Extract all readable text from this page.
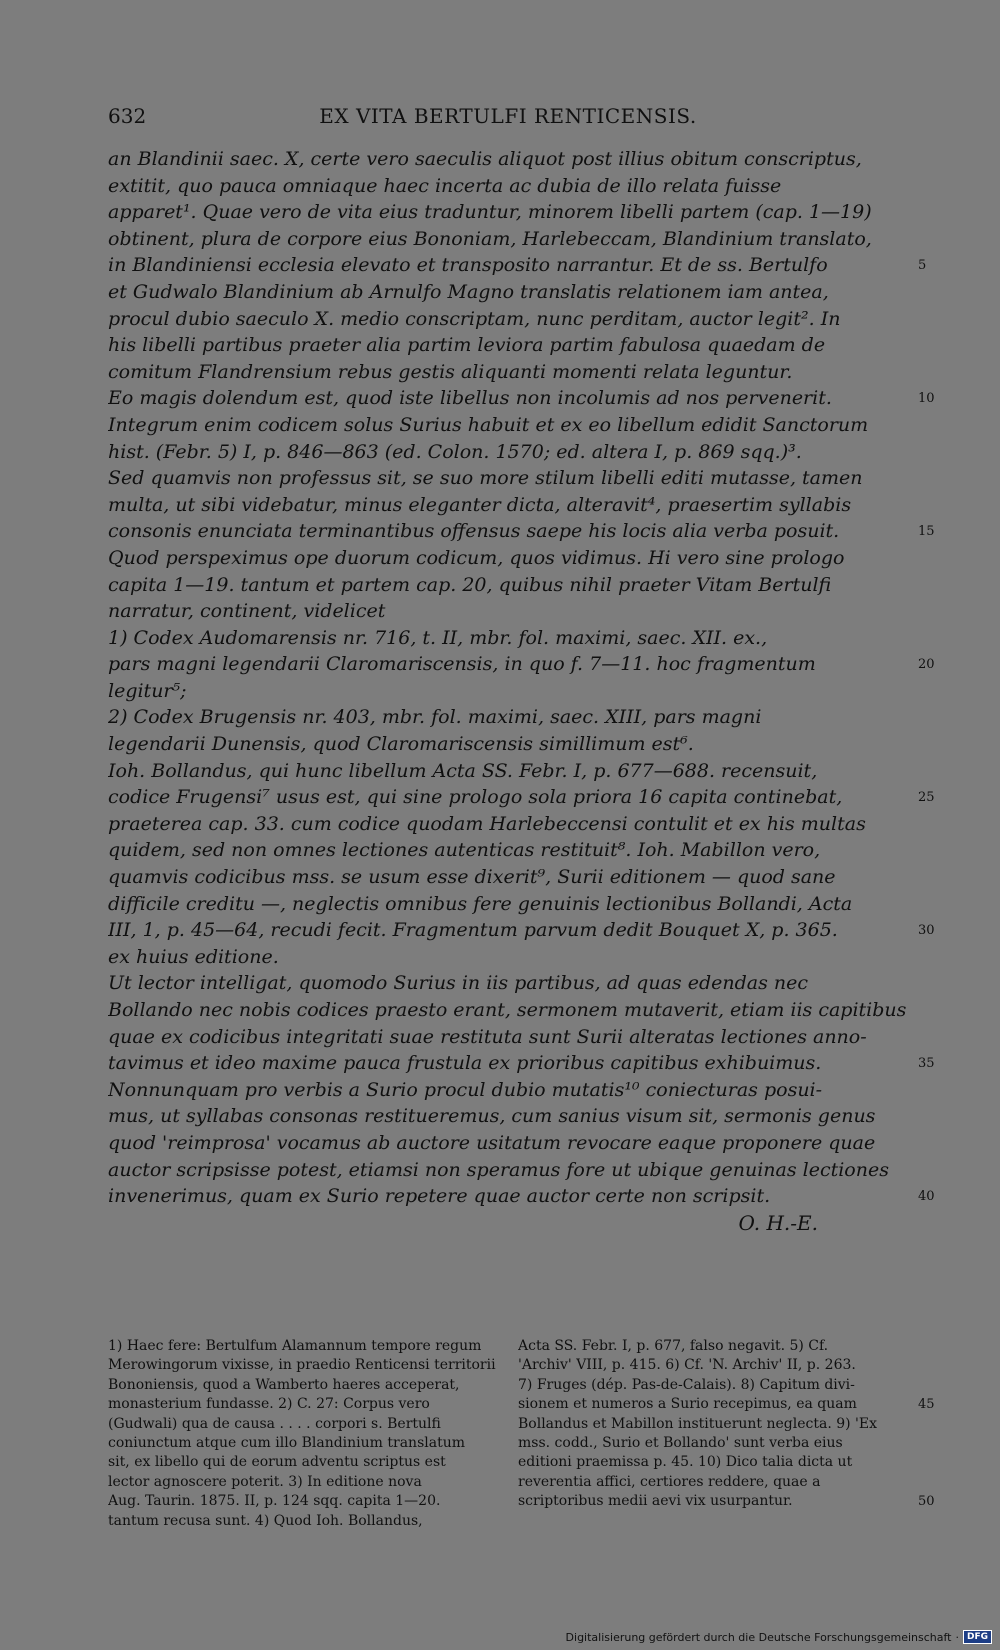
632	EX VITA BERTULFI RENTICENSIS.
an Blandinii saec. X, certe vero saeculis aliquot post illius obitum conscriptus,
extitit, quo pauca omniaque haec incerta ac dubia de illo relata fuisse
apparet¹. Quae vero de vita eius traduntur, minorem libelli partem (cap. 1—19)
obtinent, plura de corpore eius Bononiam, Harlebeccam, Blandinium translato,
in Blandiniensi ecclesia elevato et transposito narrantur. Et de ss. Bertulfo	5
et Gudwalo Blandinium ab Arnulfo Magno translatis relationem iam antea,
procul dubio saeculo X. medio conscriptam, nunc perditam, auctor legit². In
his libelli partibus praeter alia partim leviora partim fabulosa quaedam de
comitum Flandrensium rebus gestis aliquanti momenti relata leguntur.
Eo magis dolendum est, quod iste libellus non incolumis ad nos pervenerit.	10
Integrum enim codicem solus Surius habuit et ex eo libellum edidit Sanctorum
hist. (Febr. 5) I, p. 846—863 (ed. Colon. 1570; ed. altera I, p. 869 sqq.)³.
Sed quamvis non professus sit, se suo more stilum libelli editi mutasse, tamen
multa, ut sibi videbatur, minus eleganter dicta, alteravit⁴, praesertim syllabis
consonis enunciata terminantibus offensus saepe his locis alia verba posuit.	15
Quod perspeximus ope duorum codicum, quos vidimus. Hi vero sine prologo
capita 1—19. tantum et partem cap. 20, quibus nihil praeter Vitam Bertulfi
narratur, continent, videlicet
1) Codex Audomarensis nr. 716, t. II, mbr. fol. maximi, saec. XII. ex.,
pars magni legendarii Claromariscensis, in quo f. 7—11. hoc fragmentum	20
legitur⁵;
2) Codex Brugensis nr. 403, mbr. fol. maximi, saec. XIII, pars magni
legendarii Dunensis, quod Claromariscensis simillimum est⁶.
Ioh. Bollandus, qui hunc libellum Acta SS. Febr. I, p. 677—688. recensuit,
codice Frugensi⁷ usus est, qui sine prologo sola priora 16 capita continebat,	25
praeterea cap. 33. cum codice quodam Harlebeccensi contulit et ex his multas
quidem, sed non omnes lectiones autenticas restituit⁸. Ioh. Mabillon vero,
quamvis codicibus mss. se usum esse dixerit⁹, Surii editionem — quod sane
difficile creditu —, neglectis omnibus fere genuinis lectionibus Bollandi, Acta
III, 1, p. 45—64, recudi fecit. Fragmentum parvum dedit Bouquet X, p. 365.	30
ex huius editione.
Ut lector intelligat, quomodo Surius in iis partibus, ad quas edendas nec
Bollando nec nobis codices praesto erant, sermonem mutaverit, etiam iis capitibus
quae ex codicibus integritati suae restituta sunt Surii alteratas lectiones anno-
tavimus et ideo maxime pauca frustula ex prioribus capitibus exhibuimus.	35
Nonnunquam pro verbis a Surio procul dubio mutatis¹⁰ coniecturas posui-
mus, ut syllabas consonas restitueremus, cum sanius visum sit, sermonis genus
quod 'reimprosa' vocamus ab auctore usitatum revocare eaque proponere quae
auctor scripsisse potest, etiamsi non speramus fore ut ubique genuinas lectiones
invenerimus, quam ex Surio repetere quae auctor certe non scripsit.	40
O. H.-E.
1) Haec fere: Bertulfum Alamannum tempore regum
Merowingorum vixisse, in praedio Renticensi territorii
Bononiensis, quod a Wamberto haeres acceperat,
monasterium fundasse. 2) C. 27: Corpus vero
(Gudwali) qua de causa . . . . corpori s. Bertulfi
coniunctum atque cum illo Blandinium translatum
sit, ex libello qui de eorum adventu scriptus est
lector agnoscere poterit. 3) In editione nova
Aug. Taurin. 1875. II, p. 124 sqq. capita 1—20.
tantum recusa sunt. 4) Quod Ioh. Bollandus,
Acta SS. Febr. I, p. 677, falso negavit. 5) Cf.
'Archiv' VIII, p. 415. 6) Cf. 'N. Archiv' II, p. 263.
7) Fruges (dép. Pas-de-Calais). 8) Capitum divi-
sionem et numeros a Surio recepimus, ea quam	45
Bollandus et Mabillon instituerunt neglecta. 9) 'Ex
mss. codd., Surio et Bollando' sunt verba eius
editioni praemissa p. 45. 10) Dico talia dicta ut
reverentia affici, certiores reddere, quae a
scriptoribus medii aevi vix usurpantur.	50
Digitalisierung gefördert durch die Deutsche Forschungsgemeinschaft · DFG
